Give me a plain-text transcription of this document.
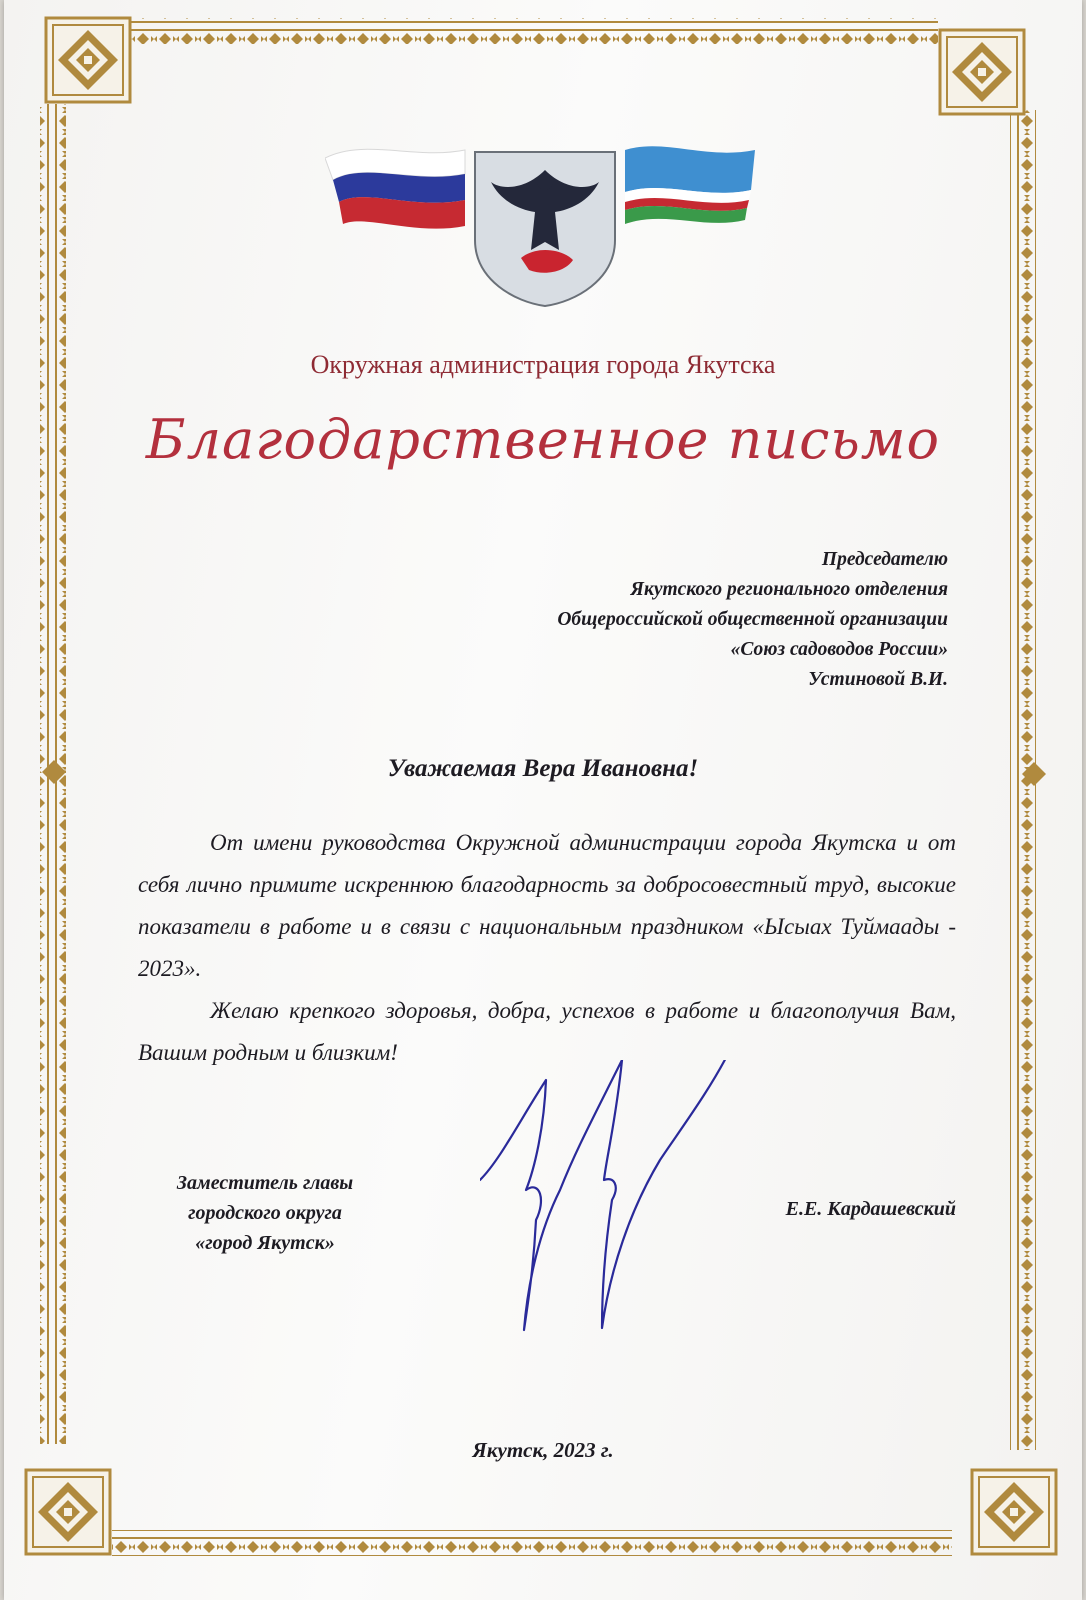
Окружная администрация города Якутска
Благодарственное письмо
Председателю
Якутского регионального отделения
Общероссийской общественной организации
«Союз садоводов России»
Устиновой В.И.
Уважаемая Вера Ивановна!

От имени руководства Окружной администрации города Якутска и от себя лично примите искреннюю благодарность за добросовестный труд, высокие показатели в работе и в связи с национальным праздником «Ысыах Туймаады - 2023».

Желаю крепкого здоровья, добра, успехов в работе и благополучия Вам, Вашим родным и близким!

Заместитель главы
городского округа
«город Якутск»
Е.Е. Кардашевский
Якутск, 2023 г.
